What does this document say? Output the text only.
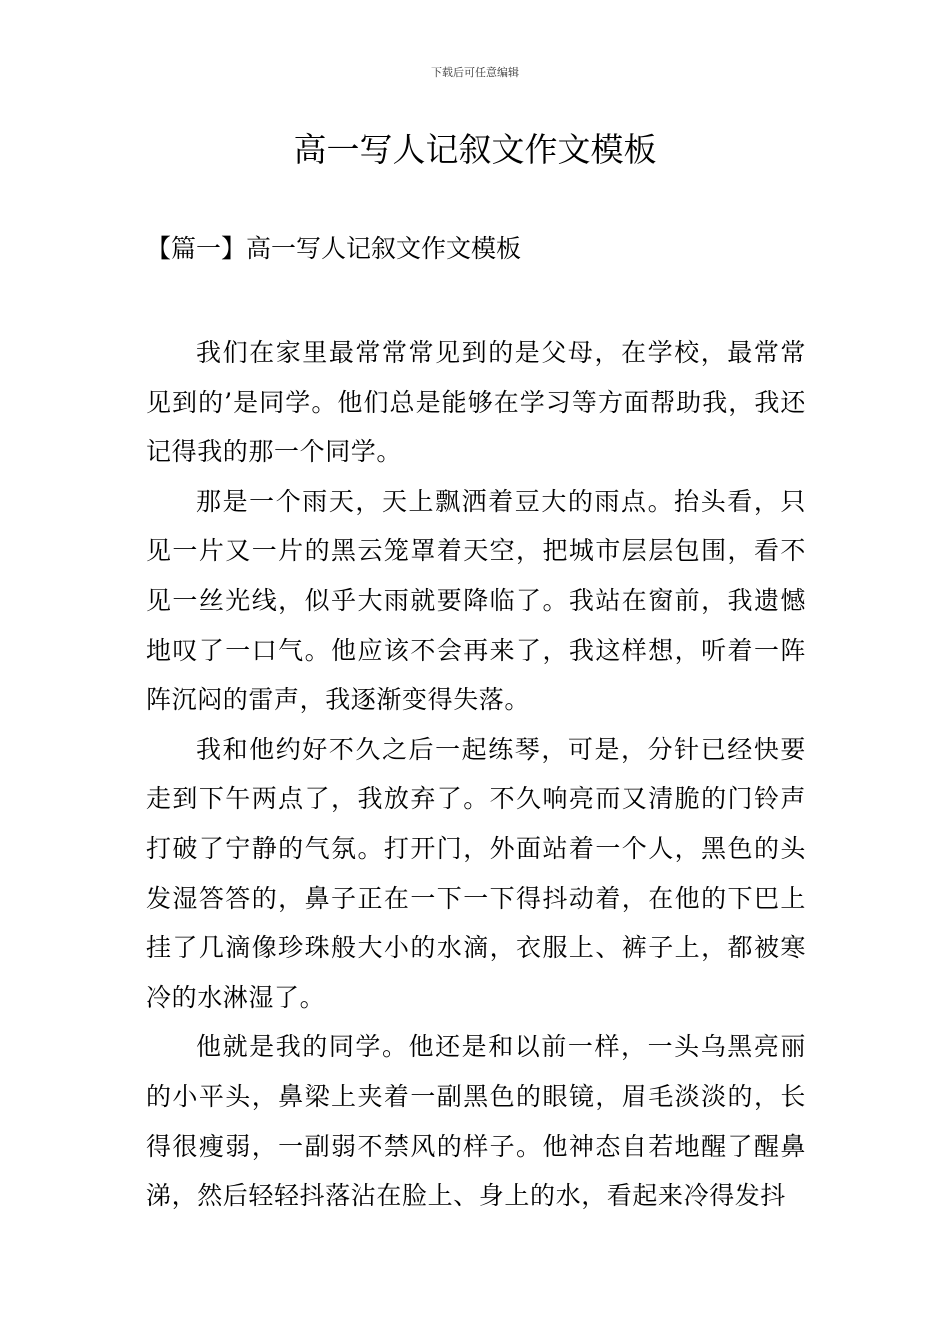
下载后可任意编辑
高一写人记叙文作文模板
【篇一】高一写人记叙文作文模板

我们在家里最常常常见到的是父母，在学校，最常常见到的’是同学。他们总是能够在学习等方面帮助我，我还记得我的那一个同学。

那是一个雨天，天上飘洒着豆大的雨点。抬头看，只见一片又一片的黑云笼罩着天空，把城市层层包围，看不见一丝光线，似乎大雨就要降临了。我站在窗前，我遗憾地叹了一口气。他应该不会再来了，我这样想，听着一阵阵沉闷的雷声，我逐渐变得失落。

我和他约好不久之后一起练琴，可是，分针已经快要走到下午两点了，我放弃了。不久响亮而又清脆的门铃声打破了宁静的气氛。打开门，外面站着一个人，黑色的头发湿答答的，鼻子正在一下一下得抖动着，在他的下巴上挂了几滴像珍珠般大小的水滴，衣服上、裤子上，都被寒冷的水淋湿了。

他就是我的同学。他还是和以前一样，一头乌黑亮丽的小平头，鼻梁上夹着一副黑色的眼镜，眉毛淡淡的，长得很瘦弱，一副弱不禁风的样子。他神态自若地醒了醒鼻涕，然后轻轻抖落沾在脸上、身上的水，看起来冷得发抖
